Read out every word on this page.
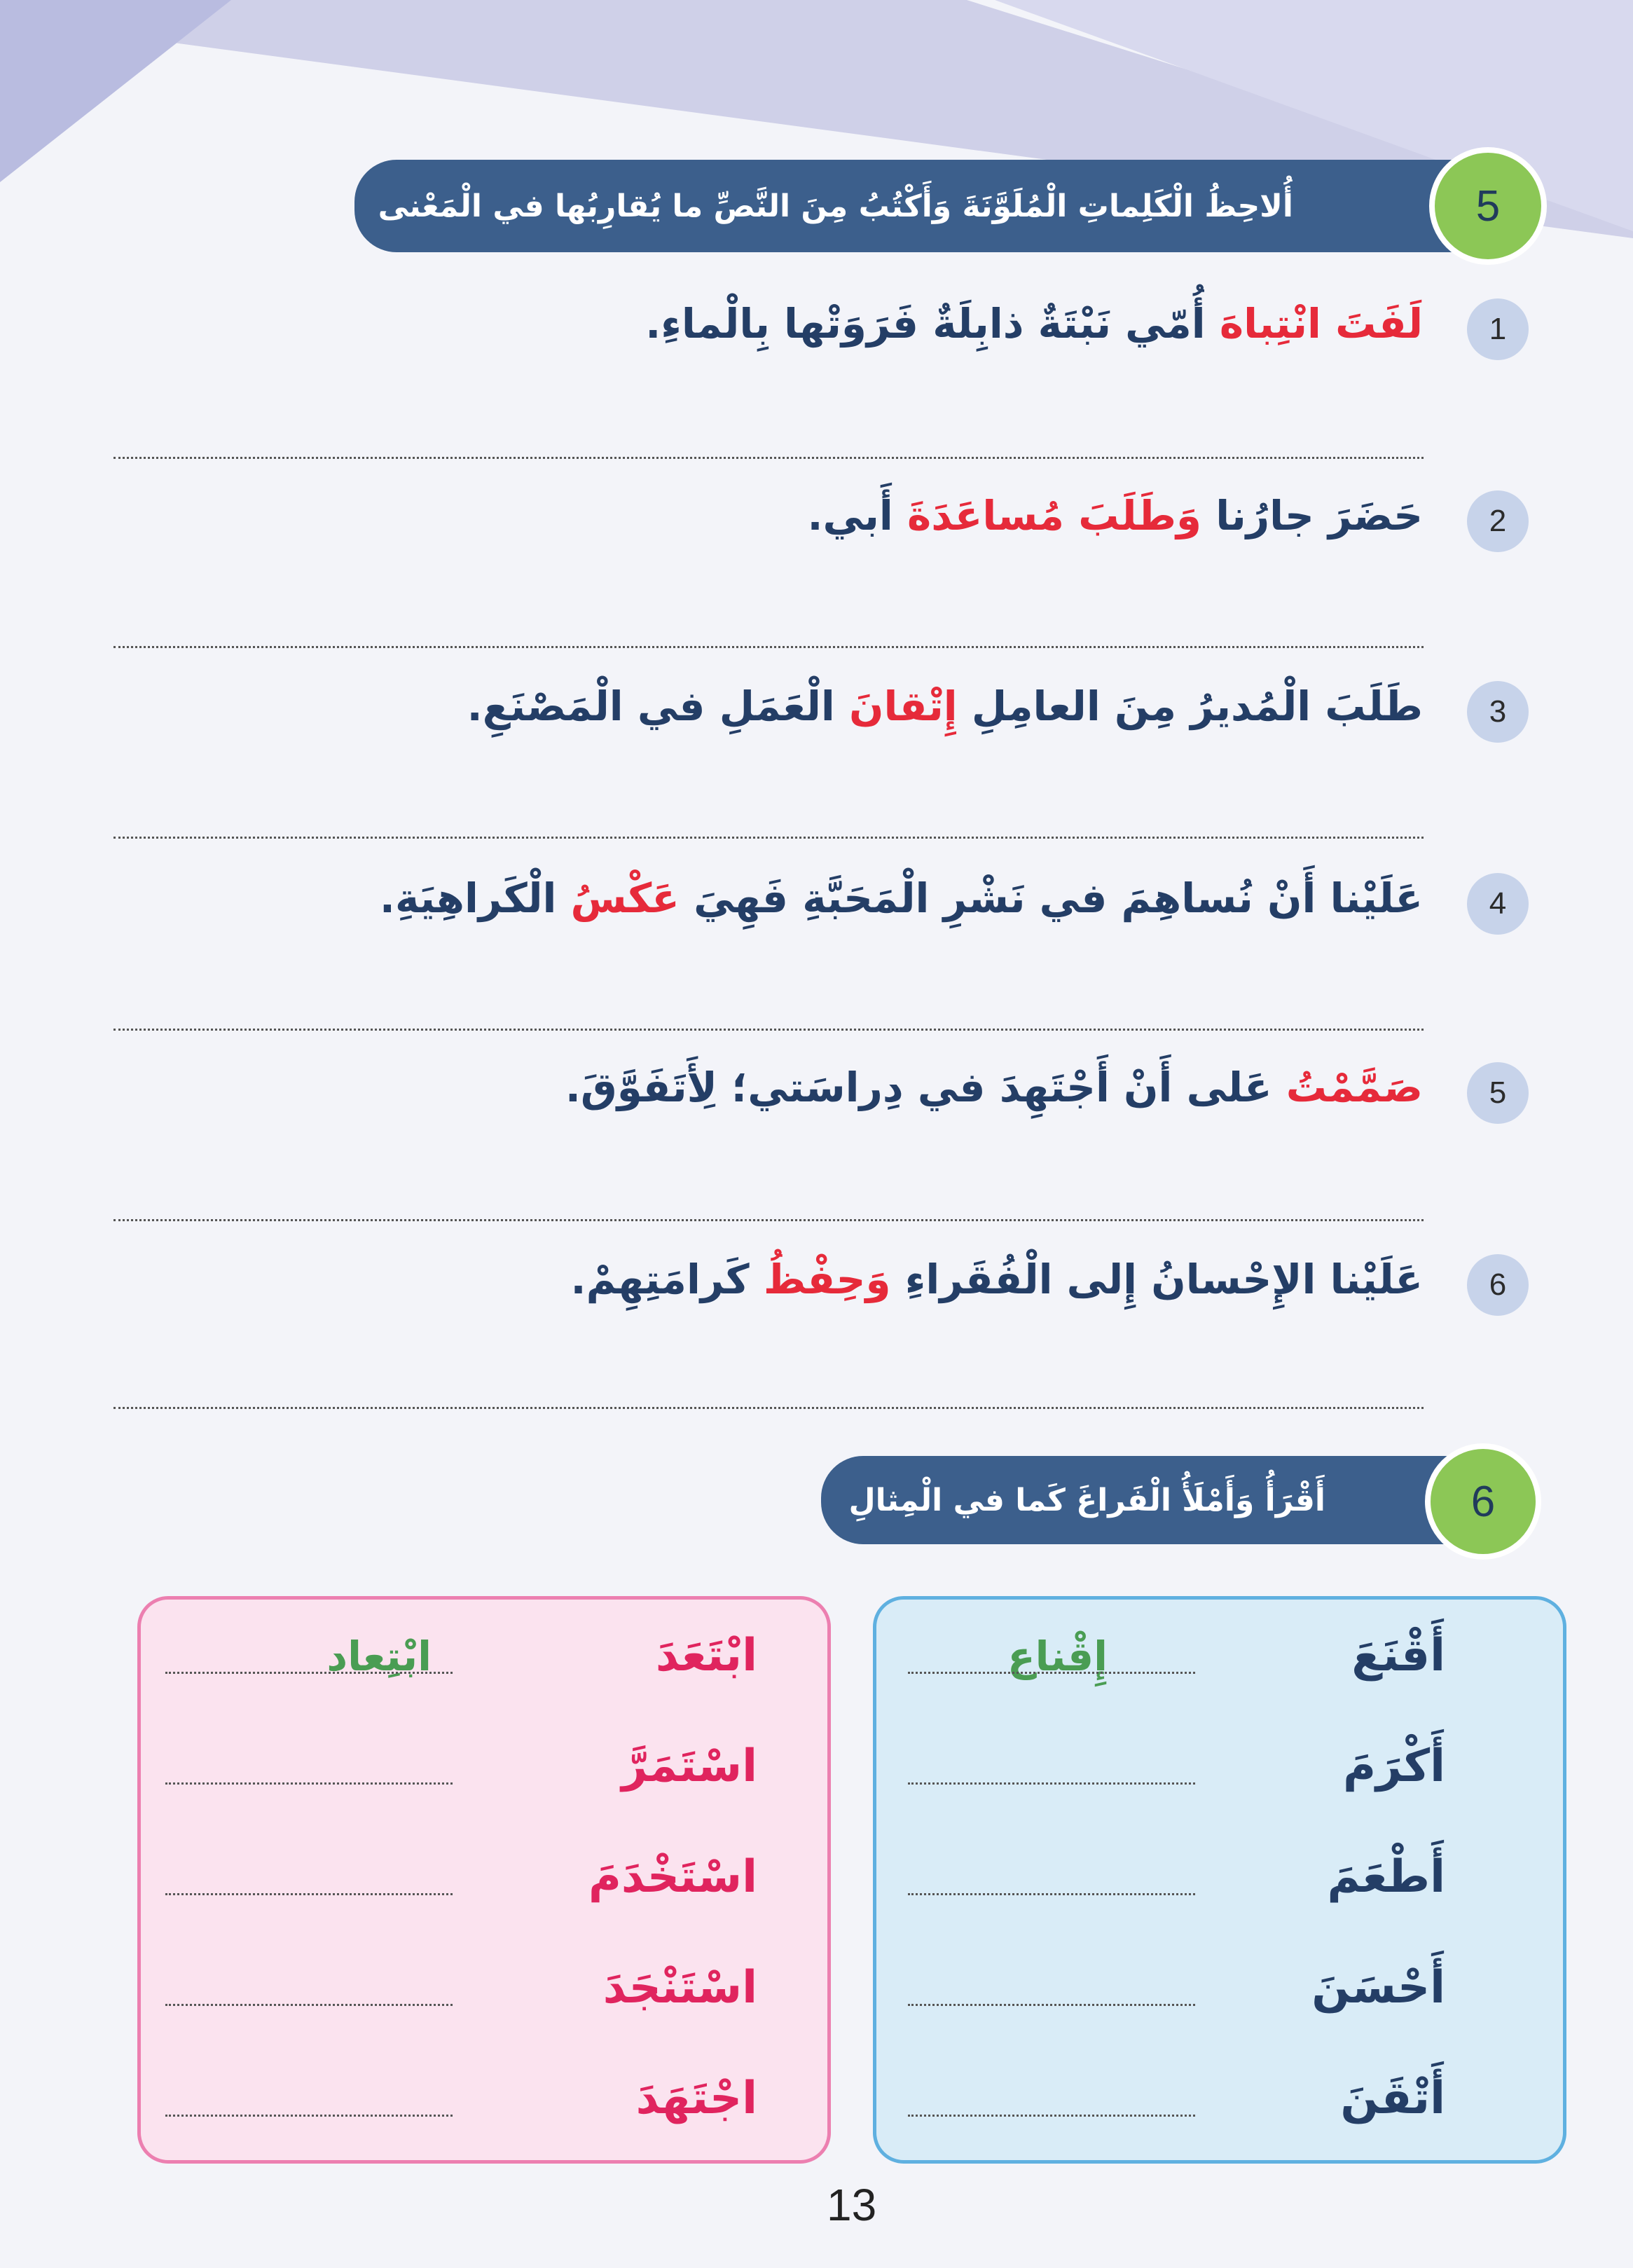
أُلاحِظُ الْكَلِماتِ الْمُلَوَّنَةَ وَأَكْتُبُ مِنَ النَّصِّ ما يُقارِبُها في الْمَعْنى	5
1
لَفَتَ انْتِباهَ أُمّي نَبْتَةٌ ذابِلَةٌ فَرَوَتْها بِالْماءِ.
2
حَضَرَ جارُنا وَطَلَبَ مُساعَدَةَ أَبي.
3
طَلَبَ الْمُديرُ مِنَ العامِلِ إِتْقانَ الْعَمَلِ في الْمَصْنَعِ.
4
عَلَيْنا أَنْ نُساهِمَ في نَشْرِ الْمَحَبَّةِ فَهِيَ عَكْسُ الْكَراهِيَةِ.
5
صَمَّمْتُ عَلى أَنْ أَجْتَهِدَ في دِراسَتي؛ لِأَتَفَوَّقَ.
6
عَلَيْنا الإِحْسانُ إِلى الْفُقَراءِ وَحِفْظُ كَرامَتِهِمْ.
أَقْرَأُ وَأَمْلَأُ الْفَراغَ كَما في الْمِثالِ	6
أَقْنَعَ
إِقْناع
أَكْرَمَ
أَطْعَمَ
أَحْسَنَ
أَتْقَنَ
ابْتَعَدَ
ابْتِعاد
اسْتَمَرَّ
اسْتَخْدَمَ
اسْتَنْجَدَ
اجْتَهَدَ
13
